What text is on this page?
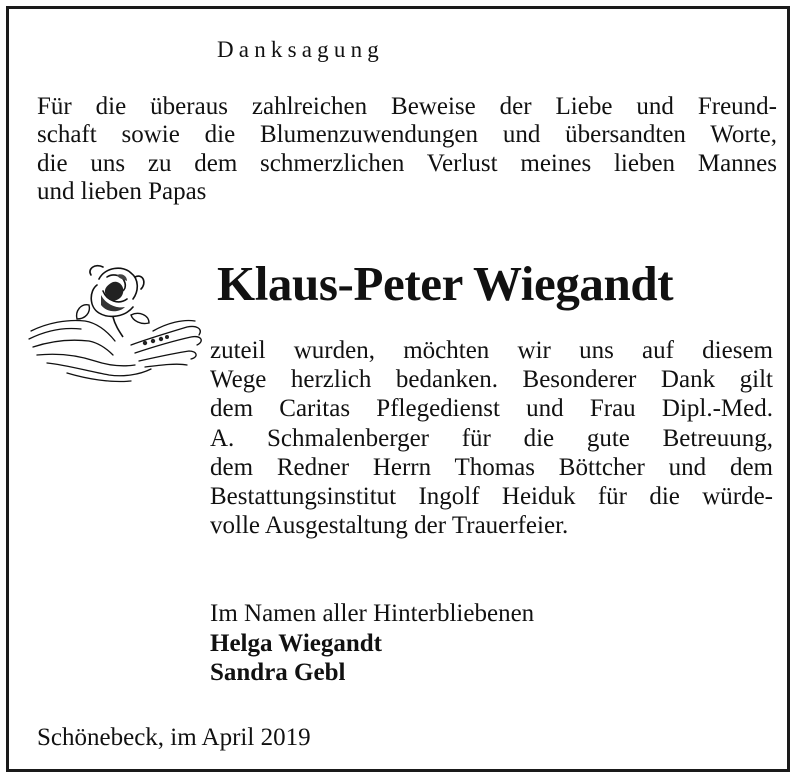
Danksagung
Für die überaus zahlreichen Beweise der Liebe und Freund-
schaft sowie die Blumenzuwendungen und übersandten Worte,
die uns zu dem schmerzlichen Verlust meines lieben Mannes
und lieben Papas
Klaus-Peter Wiegandt
zuteil wurden, möchten wir uns auf diesem
Wege herzlich bedanken. Besonderer Dank gilt
dem Caritas Pflegedienst und Frau Dipl.-Med.
A. Schmalenberger für die gute Betreuung,
dem Redner Herrn Thomas Böttcher und dem
Bestattungsinstitut Ingolf Heiduk für die würde-
volle Ausgestaltung der Trauerfeier.
Im Namen aller Hinterbliebenen
Helga Wiegandt
Sandra Gebl
Schönebeck, im April 2019
